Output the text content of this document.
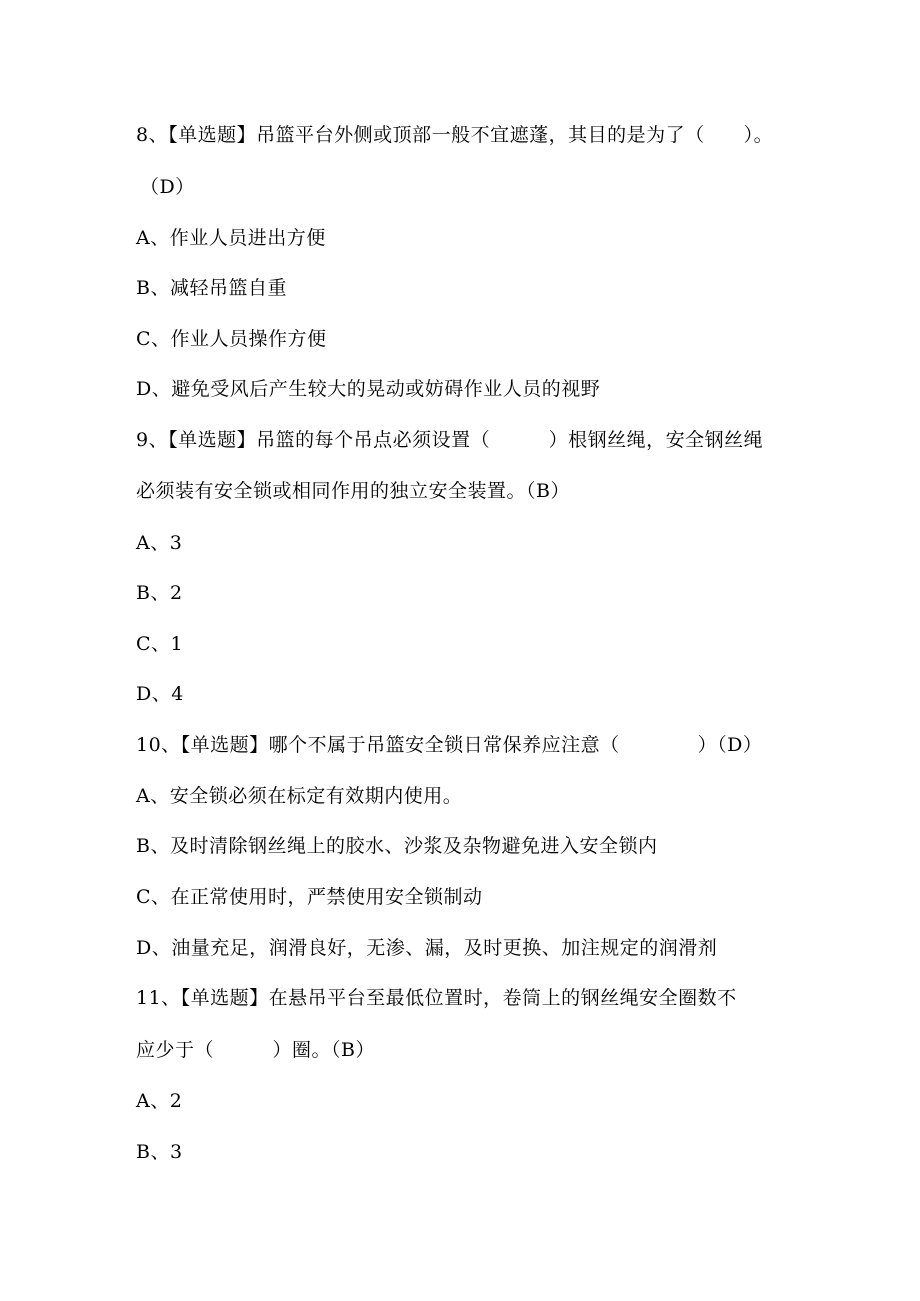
8、【单选题】吊篮平台外侧或顶部一般不宜遮蓬，其目的是为了（　　）。
（D）
A、作业人员进出方便
B、减轻吊篮自重
C、作业人员操作方便
D、避免受风后产生较大的晃动或妨碍作业人员的视野
9、【单选题】吊篮的每个吊点必须设置（　　　）根钢丝绳，安全钢丝绳
必须装有安全锁或相同作用的独立安全装置。（B）
A、3
B、2
C、1
D、4
10、【单选题】哪个不属于吊篮安全锁日常保养应注意（　　　　）（D）
A、安全锁必须在标定有效期内使用。
B、及时清除钢丝绳上的胶水、沙浆及杂物避免进入安全锁内
C、在正常使用时，严禁使用安全锁制动
D、油量充足，润滑良好，无渗、漏，及时更换、加注规定的润滑剂
11、【单选题】在悬吊平台至最低位置时，卷筒上的钢丝绳安全圈数不
应少于（　　　）圈。（B）
A、2
B、3
